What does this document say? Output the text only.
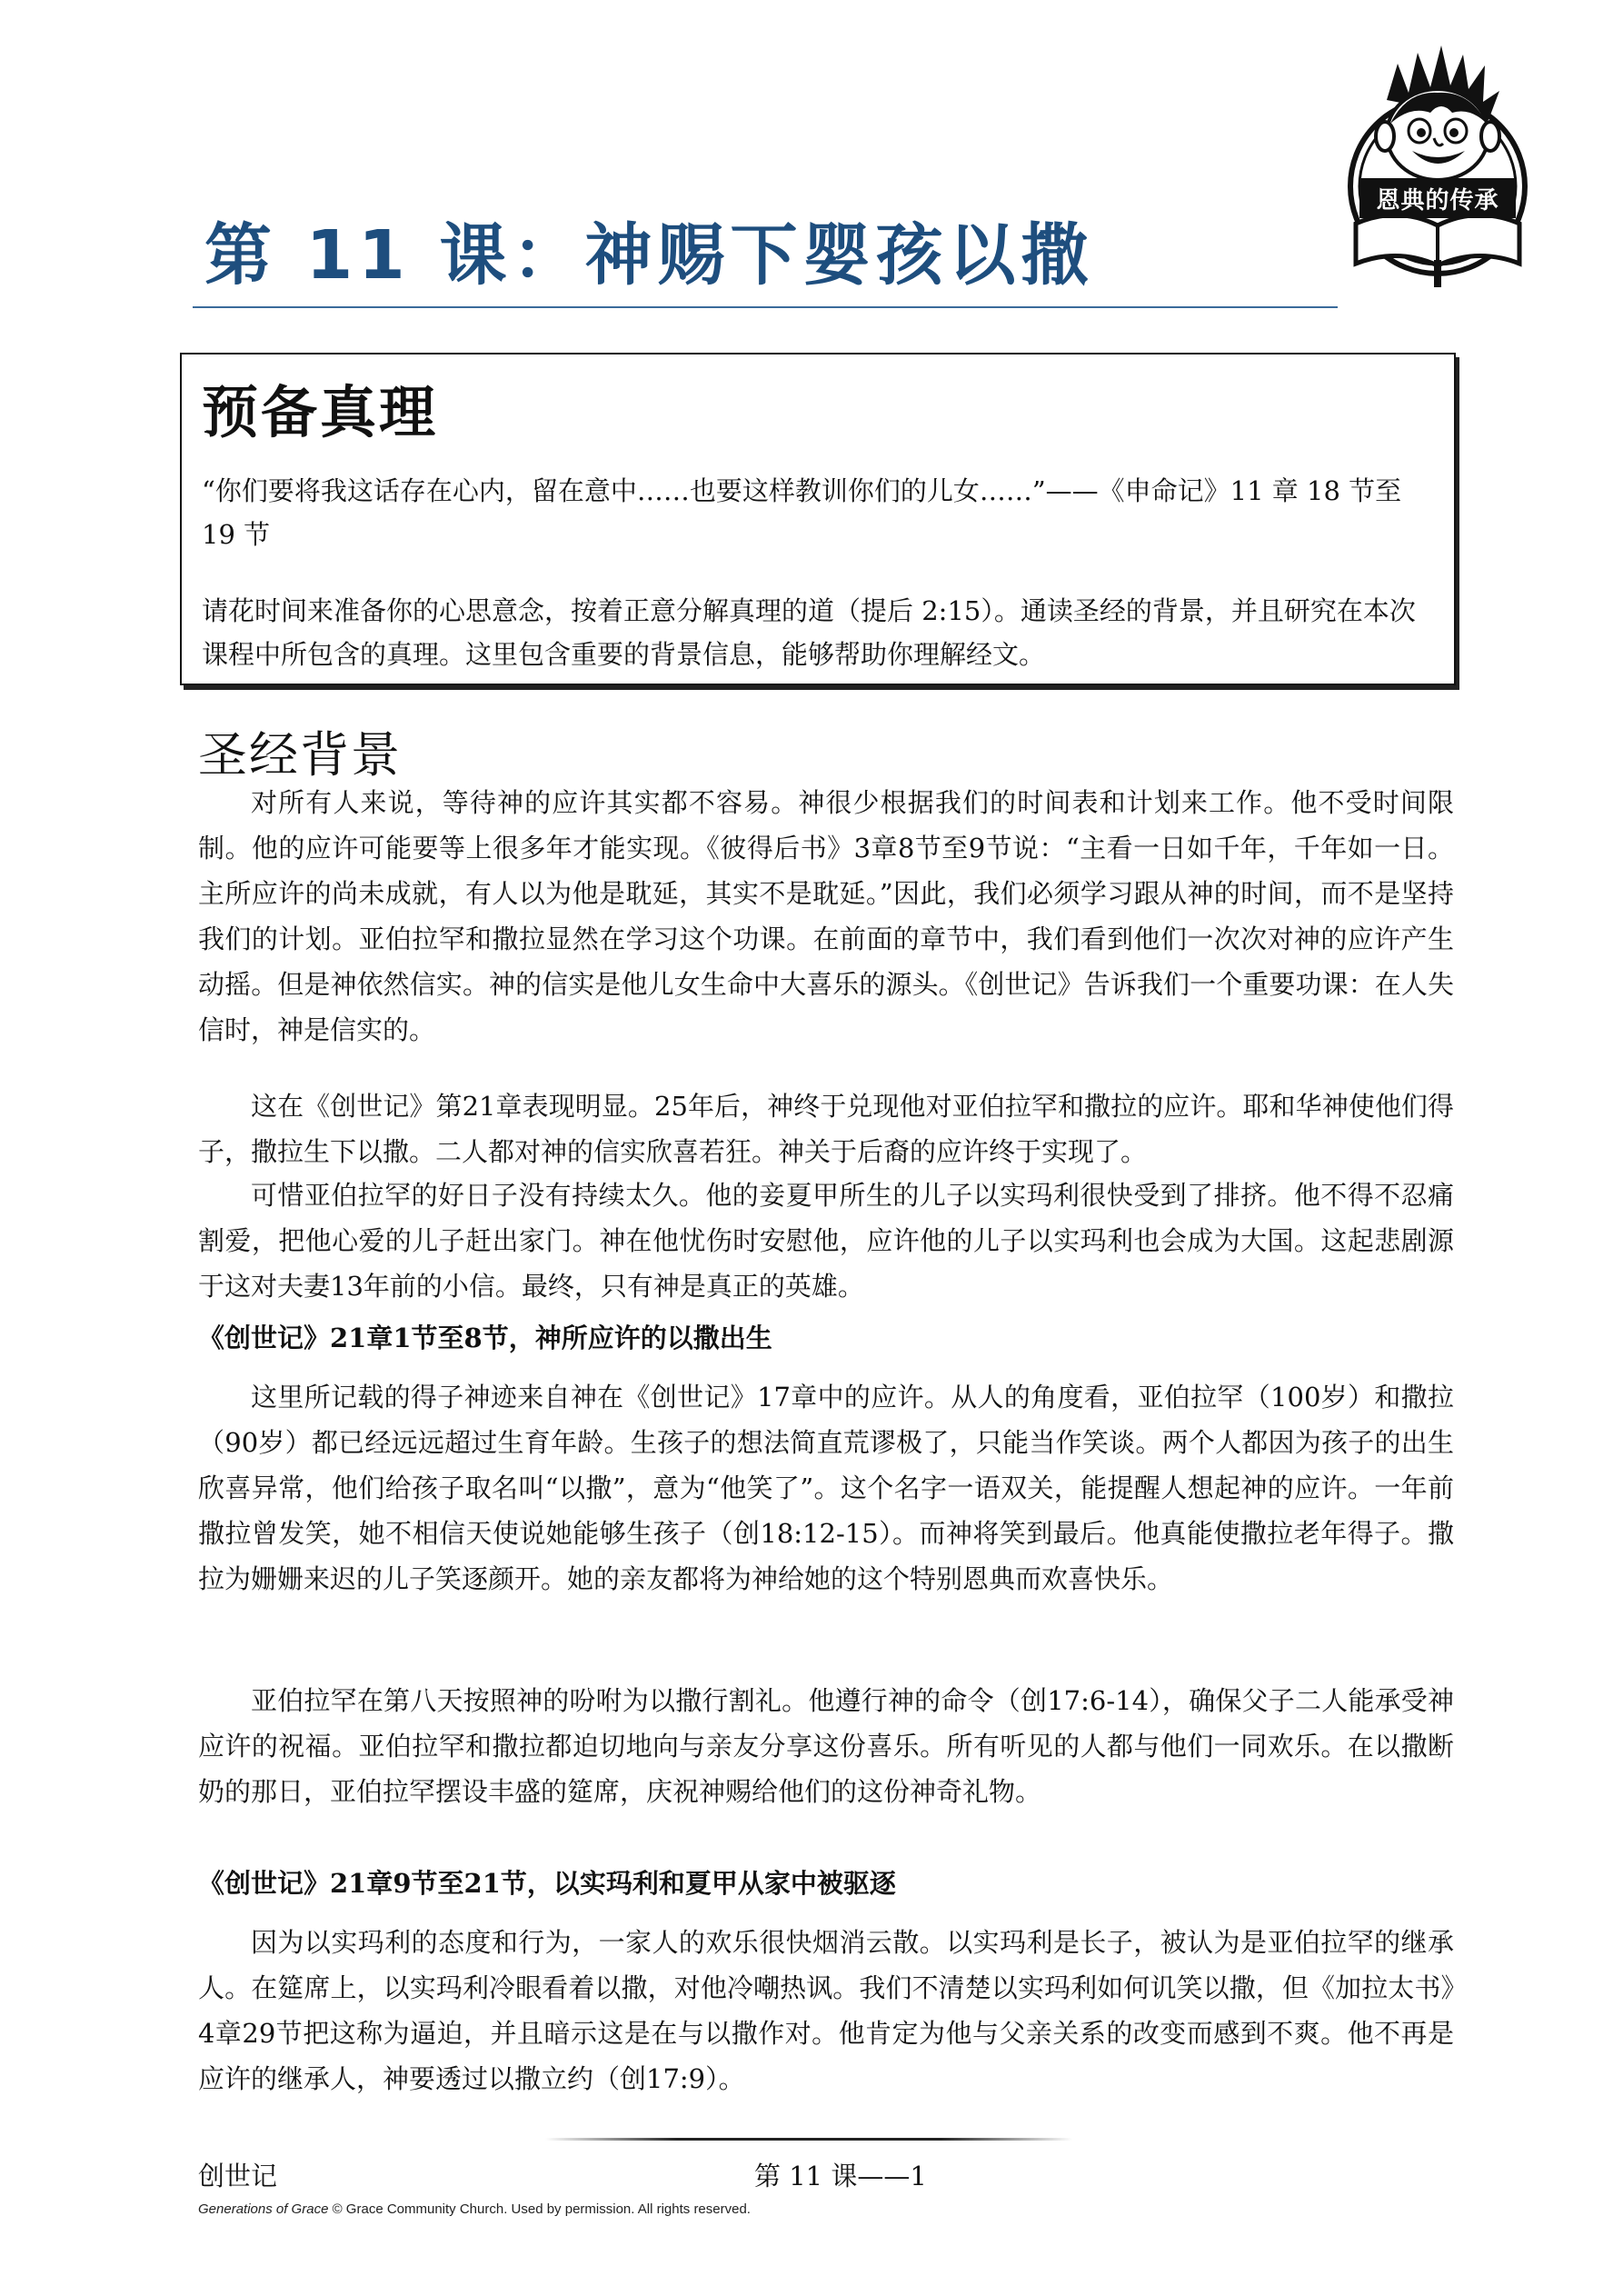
恩典的传承
第 11 课：神赐下婴孩以撒
预备真理
“你们要将我这话存在心内，留在意中……也要这样教训你们的儿女……”——《申命记》11 章 18 节至 19 节
请花时间来准备你的心思意念，按着正意分解真理的道（提后 2:15）。通读圣经的背景，并且研究在本次课程中所包含的真理。这里包含重要的背景信息，能够帮助你理解经文。
圣经背景

对所有人来说，等待神的应许其实都不容易。神很少根据我们的时间表和计划来工作。他不受时间限制。他的应许可能要等上很多年才能实现。《彼得后书》3章8节至9节说：“主看一日如千年，千年如一日。主所应许的尚未成就，有人以为他是耽延，其实不是耽延。”因此，我们必须学习跟从神的时间，而不是坚持我们的计划。亚伯拉罕和撒拉显然在学习这个功课。在前面的章节中，我们看到他们一次次对神的应许产生动摇。但是神依然信实。神的信实是他儿女生命中大喜乐的源头。《创世记》告诉我们一个重要功课：在人失信时，神是信实的。

这在《创世记》第21章表现明显。25年后，神终于兑现他对亚伯拉罕和撒拉的应许。耶和华神使他们得子，撒拉生下以撒。二人都对神的信实欣喜若狂。神关于后裔的应许终于实现了。

可惜亚伯拉罕的好日子没有持续太久。他的妾夏甲所生的儿子以实玛利很快受到了排挤。他不得不忍痛割爱，把他心爱的儿子赶出家门。神在他忧伤时安慰他，应许他的儿子以实玛利也会成为大国。这起悲剧源于这对夫妻13年前的小信。最终，只有神是真正的英雄。

《创世记》21章1节至8节，神所应许的以撒出生

这里所记载的得子神迹来自神在《创世记》17章中的应许。从人的角度看，亚伯拉罕（100岁）和撒拉（90岁）都已经远远超过生育年龄。生孩子的想法简直荒谬极了，只能当作笑谈。两个人都因为孩子的出生欣喜异常，他们给孩子取名叫“以撒”，意为“他笑了”。这个名字一语双关，能提醒人想起神的应许。一年前撒拉曾发笑，她不相信天使说她能够生孩子（创18:12-15）。而神将笑到最后。他真能使撒拉老年得子。撒拉为姗姗来迟的儿子笑逐颜开。她的亲友都将为神给她的这个特别恩典而欢喜快乐。

亚伯拉罕在第八天按照神的吩咐为以撒行割礼。他遵行神的命令（创17:6-14），确保父子二人能承受神应许的祝福。亚伯拉罕和撒拉都迫切地向与亲友分享这份喜乐。所有听见的人都与他们一同欢乐。在以撒断奶的那日，亚伯拉罕摆设丰盛的筵席，庆祝神赐给他们的这份神奇礼物。

《创世记》21章9节至21节，以实玛利和夏甲从家中被驱逐

因为以实玛利的态度和行为，一家人的欢乐很快烟消云散。以实玛利是长子，被认为是亚伯拉罕的继承人。在筵席上，以实玛利冷眼看着以撒，对他冷嘲热讽。我们不清楚以实玛利如何讥笑以撒，但《加拉太书》4章29节把这称为逼迫，并且暗示这是在与以撒作对。他肯定为他与父亲关系的改变而感到不爽。他不再是应许的继承人，神要透过以撒立约（创17:9）。

创世记	第 11 课——1
Generations of Grace © Grace Community Church. Used by permission. All rights reserved.
